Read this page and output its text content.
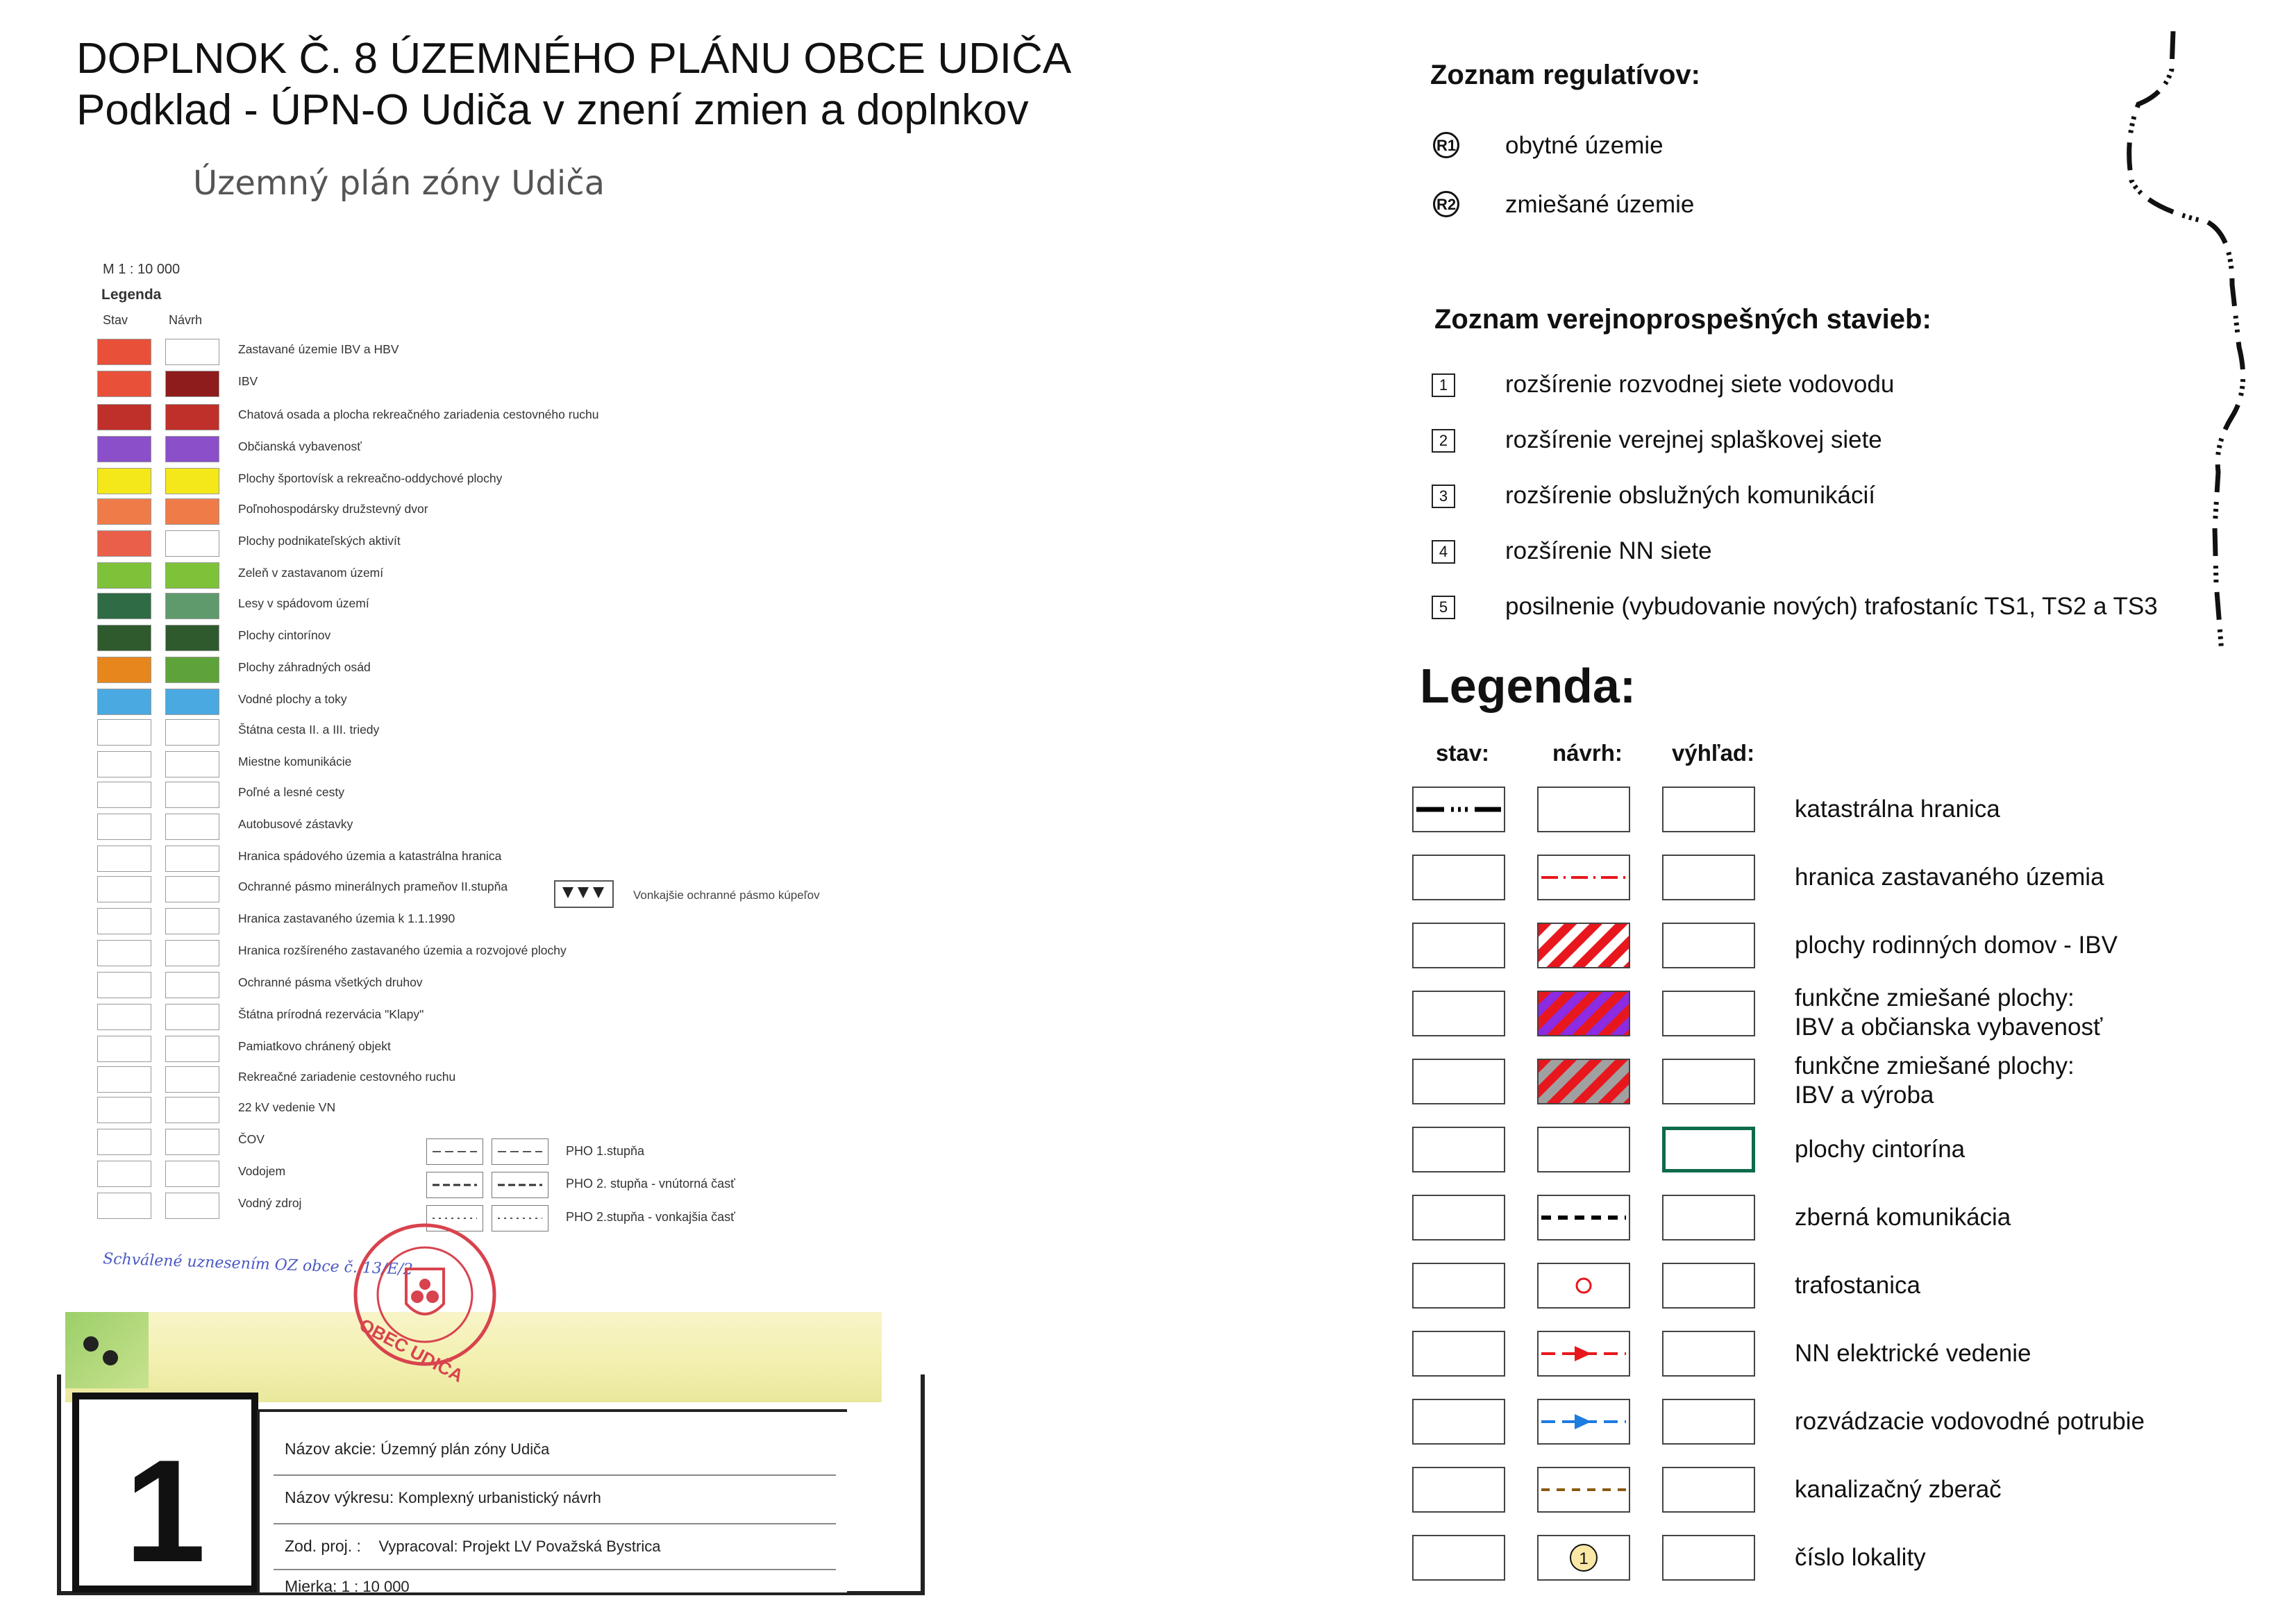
DOPLNOK Č. 8 ÚZEMNÉHO PLÁNU OBCE UDIČA
Podklad - ÚPN-O Udiča v znení zmien a doplnkov
Územný plán zóny Udiča
M 1 : 10 000
Legenda
Stav	Návrh
Zastavané územie IBV a HBV
IBV
Chatová osada a plocha rekreačného zariadenia cestovného ruchu
Občianská vybavenosť
Plochy športovísk a rekreačno-oddychové plochy
Poľnohospodársky družstevný dvor
Plochy podnikateľských aktivít
Zeleň v zastavanom území
Lesy v spádovom území
Plochy cintorínov
Plochy záhradných osád
Vodné plochy a toky
Štátna cesta II. a III. triedy
Miestne komunikácie
Poľné a lesné cesty
Autobusové zástavky
Hranica spádového územia a katastrálna hranica
Ochranné pásmo minerálnych prameňov II.stupňa
Hranica zastavaného územia k 1.1.1990
Hranica rozšíreného zastavaného územia a rozvojové plochy
Ochranné pásma všetkých druhov
Štátna prírodná rezervácia "Klapy"
Pamiatkovo chránený objekt
Rekreačné zariadenie cestovného ruchu
22 kV vedenie VN
ČOV
Vodojem
Vodný zdroj
Vonkajšie ochranné pásmo kúpeľov
PHO 1.stupňa
PHO 2. stupňa - vnútorná časť
PHO 2.stupňa - vonkajšia časť
Schválené uznesením OZ obce č. 13/E/2
OBEC UDIČA
1	Názov akcie: Územný plán zóny Udiča
Názov výkresu: Komplexný urbanistický návrh
Zod. proj. : Vypracoval: Projekt LV Považská Bystrica
Mierka: 1 : 10 000
Zoznam regulatívov:
R1 obytné územie
R2 zmiešané územie
Zoznam verejnoprospešných stavieb:
1	rozšírenie rozvodnej siete vodovodu
2	rozšírenie verejnej splaškovej siete
3	rozšírenie obslužných komunikácií
4	rozšírenie NN siete
5	posilnenie (vybudovanie nových) trafostaníc TS1, TS2 a TS3
Legenda:
stav:	návrh: výhľad:
katastrálna hranica
hranica zastavaného územia
plochy rodinných domov - IBV
funkčne zmiešané plochy:
IBV a občianska vybavenosť
funkčne zmiešané plochy:
IBV a výroba
plochy cintorína
zberná komunikácia
trafostanica
NN elektrické vedenie
rozvádzacie vodovodné potrubie
kanalizačný zberač
1	číslo lokality
